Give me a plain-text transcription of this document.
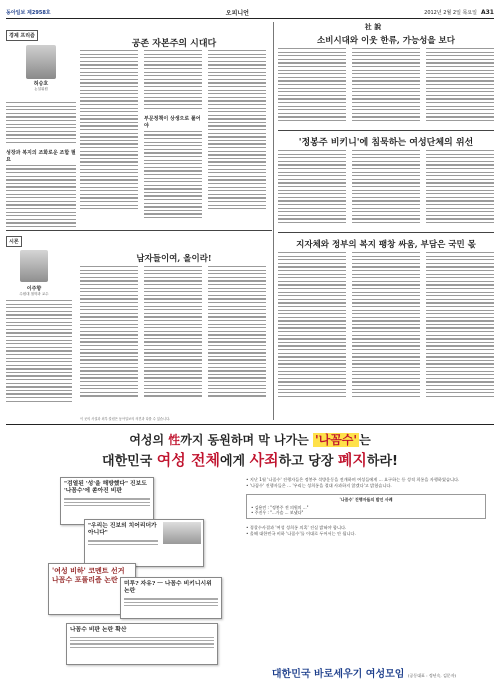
동아일보 제2958호	오피니언	2012년 2월 2일 목요일 A31
경제 프리즘
허승호
논설위원
성장과 복지의 조화로운 조합 필요
공존 자본주의 시대다
부문정책이 상생으로 풀어야
시론
이주향
수원대 철학과 교수
남자들이여, 올이라!
社 說
소비시대와 이웃 한류, 가능성을 보다
'정봉주 비키니'에 침묵하는 여성단체의 위선
지자체와 정부의 복지 팽창 싸움, 부담은 국민 몫
이 곳의 사설과 외부 칼럼은 동아일보의 의견과 다를 수 있습니다.
여성의 性까지 동원하며 막 나가는 '나꼼수' 는
대한민국 여성 전체에게 사죄하고 당장 폐지하라!
"검열된 '성'을 해방했다" 진보도 '나꼼수'에 쏟아진 비판
"우리는 진보의 치어리더가 아니다"
'여성 비하' 코멘트 선거 나꼼수 포퓰리즘 논란
미투? 자유? ㅡ 나꼼수 비키니시위 논란
나꼼수 비판 논란 확산
• 지난 1월 '나꼼수' 진행자들은 정봉주 석방운동을 전개하며 여성들에게 ... 요구하는 등 성적 희롱을 자행하였습니다.
• '나꼼수' 진행자들은 ... '우리는 성희롱을 절대 사과하지 않겠다'고 밝혔습니다.
'나꼼수' 진행자들의 발언 사례
• 김용민 : "정봉주 전 의원의 ..."
• 주진우 : "...가슴 ... 보냈다"
• 경찰수사결과 '여성 성희롱 의혹' 진실 밝혀야 합니다.
• 올해 대한민국 비하 '나꼼수'를 이대로 두어서는 안 됩니다.
대한민국 바로세우기 여성모임 (공동대표 : 정년숙, 김문자)
